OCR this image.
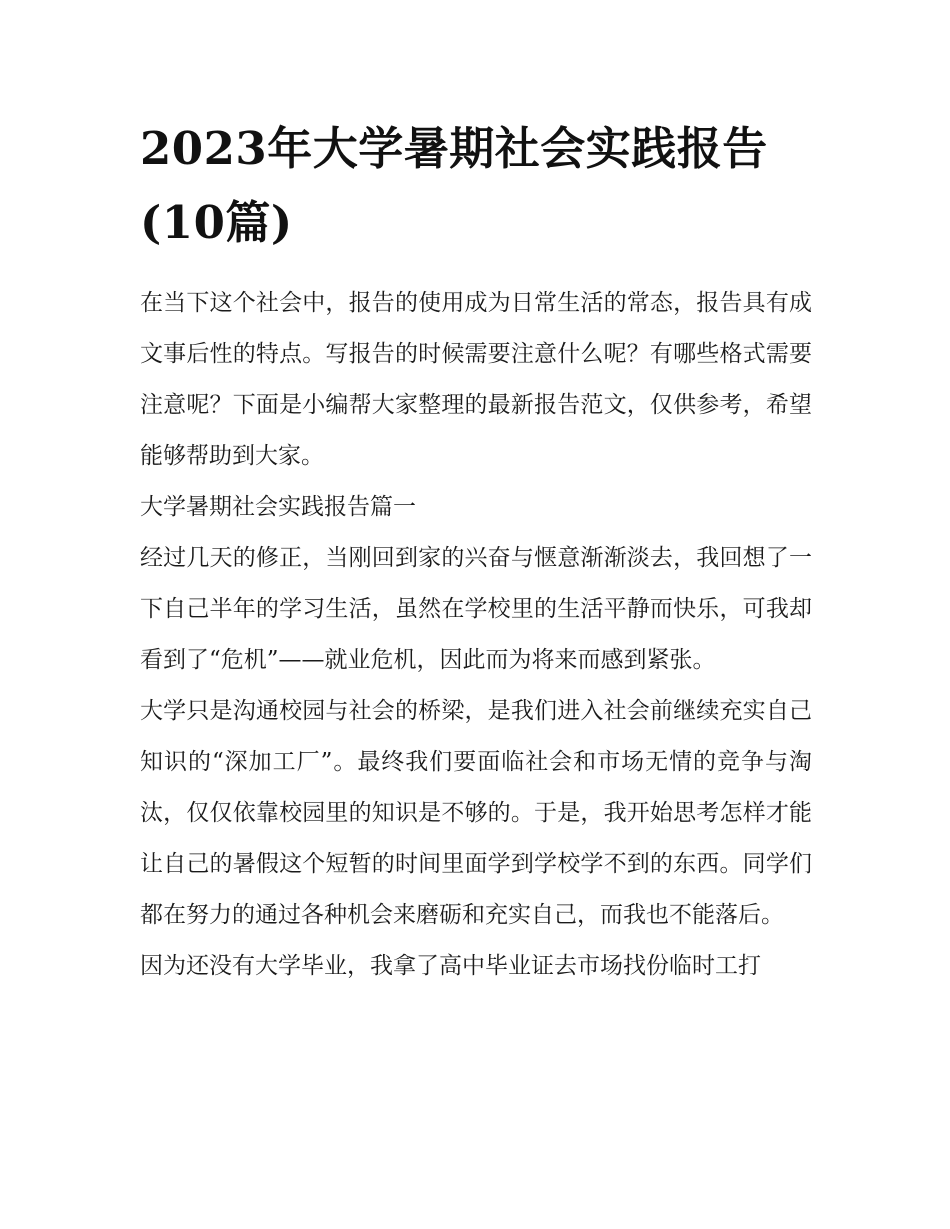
2023年大学暑期社会实践报告(10篇)

在当下这个社会中，报告的使用成为日常生活的常态，报告具有成文事后性的特点。写报告的时候需要注意什么呢？有哪些格式需要注意呢？下面是小编帮大家整理的最新报告范文，仅供参考，希望能够帮助到大家。

大学暑期社会实践报告篇一

经过几天的修正，当刚回到家的兴奋与惬意渐渐淡去，我回想了一下自己半年的学习生活，虽然在学校里的生活平静而快乐，可我却看到了“危机”——就业危机，因此而为将来而感到紧张。

大学只是沟通校园与社会的桥梁，是我们进入社会前继续充实自己知识的“深加工厂”。最终我们要面临社会和市场无情的竞争与淘汰，仅仅依靠校园里的知识是不够的。于是，我开始思考怎样才能让自己的暑假这个短暂的时间里面学到学校学不到的东西。同学们都在努力的通过各种机会来磨砺和充实自己，而我也不能落后。

因为还没有大学毕业，我拿了高中毕业证去市场找份临时工打
